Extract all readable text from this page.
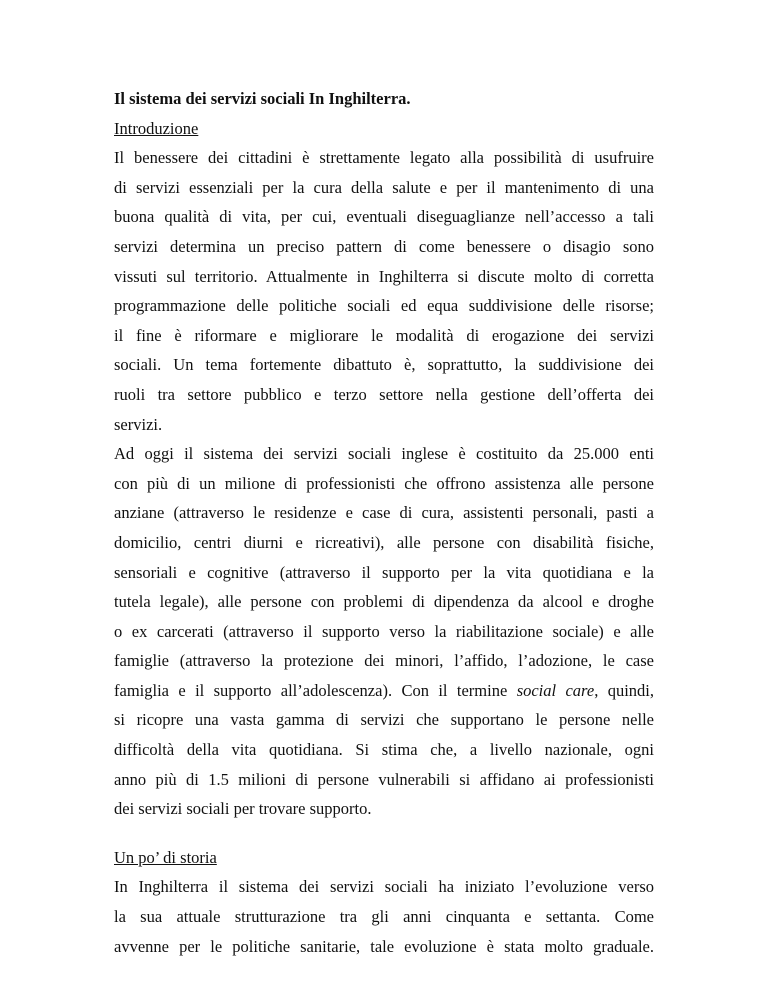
Il sistema dei servizi sociali In Inghilterra.
Introduzione
Il benessere dei cittadini è strettamente legato alla possibilità di usufruire
di servizi essenziali per la cura della salute e per il mantenimento di una
buona qualità di vita, per cui, eventuali diseguaglianze nell’accesso a tali
servizi determina un preciso pattern di come benessere o disagio sono
vissuti sul territorio. Attualmente in Inghilterra si discute molto di corretta
programmazione delle politiche sociali ed equa suddivisione delle risorse;
il fine è riformare e migliorare le modalità di erogazione dei servizi
sociali. Un tema fortemente dibattuto è, soprattutto, la suddivisione dei
ruoli tra settore pubblico e terzo settore nella gestione dell’offerta dei
servizi.
Ad oggi il sistema dei servizi sociali inglese è costituito da 25.000 enti
con più di un milione di professionisti che offrono assistenza alle persone
anziane (attraverso le residenze e case di cura, assistenti personali, pasti a
domicilio, centri diurni e ricreativi), alle persone con disabilità fisiche,
sensoriali e cognitive (attraverso il supporto per la vita quotidiana e la
tutela legale), alle persone con problemi di dipendenza da alcool e droghe
o ex carcerati (attraverso il supporto verso la riabilitazione sociale) e alle
famiglie (attraverso la protezione dei minori, l’affido, l’adozione, le case
famiglia e il supporto all’adolescenza). Con il termine social care, quindi,
si ricopre una vasta gamma di servizi che supportano le persone nelle
difficoltà della vita quotidiana. Si stima che, a livello nazionale, ogni
anno più di 1.5 milioni di persone vulnerabili si affidano ai professionisti
dei servizi sociali per trovare supporto.
Un po’ di storia
In Inghilterra il sistema dei servizi sociali ha iniziato l’evoluzione verso
la sua attuale strutturazione tra gli anni cinquanta e settanta. Come
avvenne per le politiche sanitarie, tale evoluzione è stata molto graduale.
